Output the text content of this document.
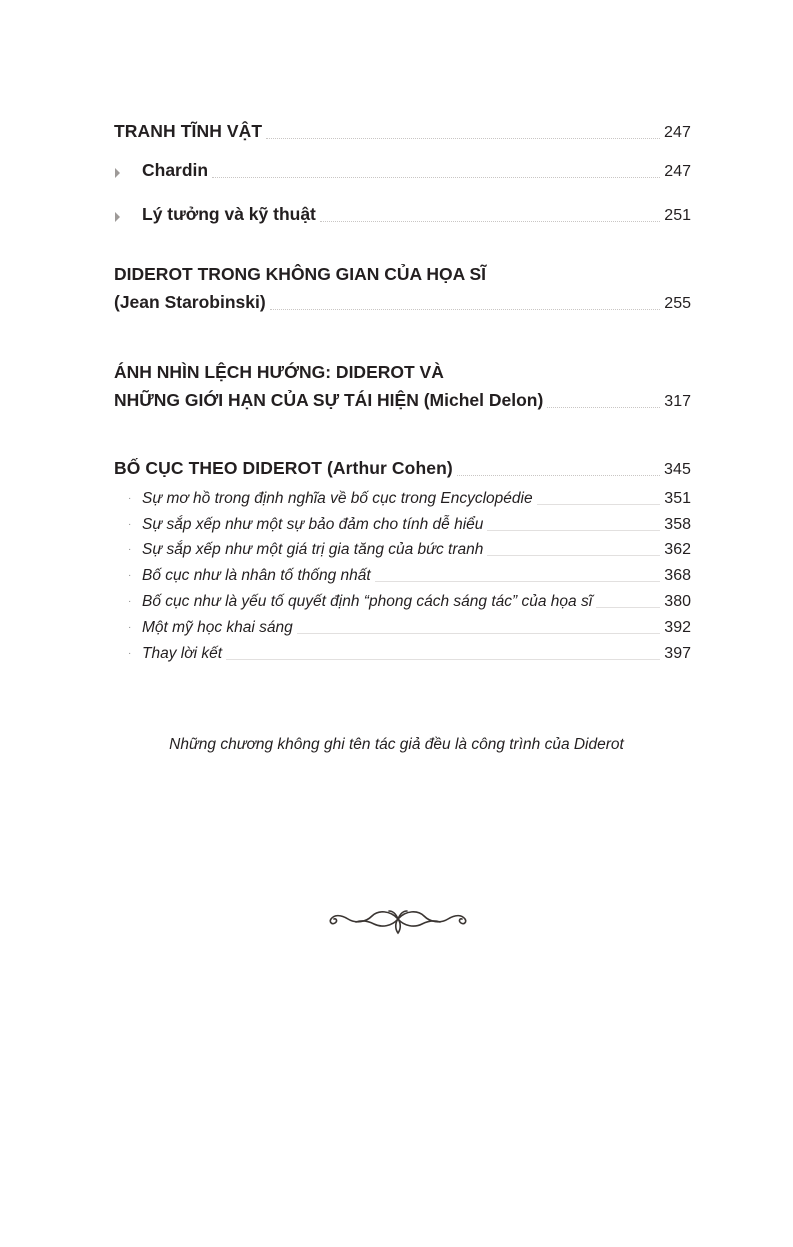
TRANH TĨNH VẬT	247
Chardin	247
Lý tưởng và kỹ thuật	251
DIDEROT TRONG KHÔNG GIAN CỦA HỌA SĨ
(Jean Starobinski)	255
ÁNH NHÌN LỆCH HƯỚNG: DIDEROT VÀ
NHỮNG GIỚI HẠN CỦA SỰ TÁI HIỆN (Michel Delon)	317
BỐ CỤC THEO DIDEROT (Arthur Cohen)	345
· Sự mơ hồ trong định nghĩa về bố cục trong Encyclopédie	351
· Sự sắp xếp như một sự bảo đảm cho tính dễ hiểu	358
· Sự sắp xếp như một giá trị gia tăng của bức tranh	362
· Bố cục như là nhân tố thống nhất	368
· Bố cục như là yếu tố quyết định “phong cách sáng tác” của họa sĩ	380
· Một mỹ học khai sáng	392
· Thay lời kết	397
Những chương không ghi tên tác giả đều là công trình của Diderot
